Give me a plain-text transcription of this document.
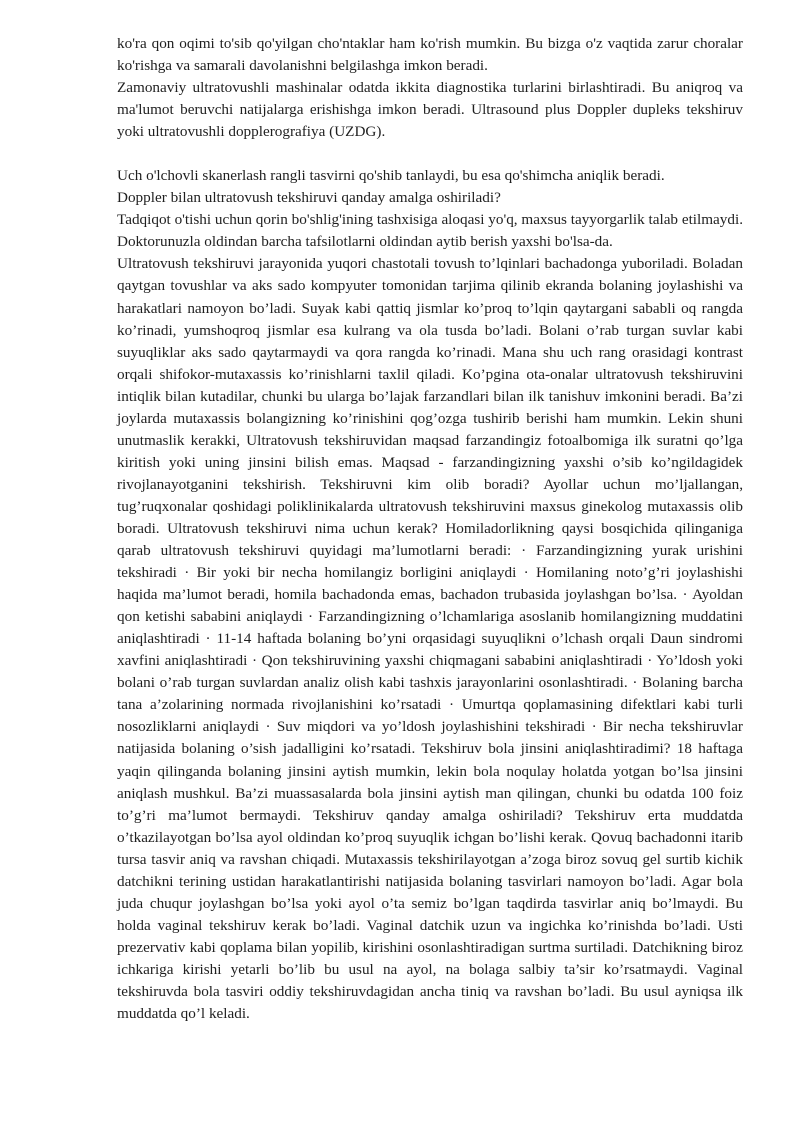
ko'ra qon oqimi to'sib qo'yilgan cho'ntaklar ham ko'rish mumkin. Bu bizga o'z vaqtida zarur choralar ko'rishga va samarali davolanishni belgilashga imkon beradi.

Zamonaviy ultratovushli mashinalar odatda ikkita diagnostika turlarini birlashtiradi. Bu aniqroq va ma'lumot beruvchi natijalarga erishishga imkon beradi. Ultrasound plus Doppler dupleks tekshiruv yoki ultratovushli dopplerografiya (UZDG).

Uch o'lchovli skanerlash rangli tasvirni qo'shib tanlaydi, bu esa qo'shimcha aniqlik beradi.

Doppler bilan ultratovush tekshiruvi qanday amalga oshiriladi?

Tadqiqot o'tishi uchun qorin bo'shlig'ining tashxisiga aloqasi yo'q, maxsus tayyorgarlik talab etilmaydi. Doktorunuzla oldindan barcha tafsilotlarni oldindan aytib berish yaxshi bo'lsa-da.

Ultratovush tekshiruvi jarayonida yuqori chastotali tovush to’lqinlari bachadonga yuboriladi. Boladan qaytgan tovushlar va aks sado kompyuter tomonidan tarjima qilinib ekranda bolaning joylashishi va harakatlari namoyon bo’ladi. Suyak kabi qattiq jismlar ko’proq to’lqin qaytargani sababli oq rangda ko’rinadi, yumshoqroq jismlar esa kulrang va ola tusda bo’ladi. Bolani o’rab turgan suvlar kabi suyuqliklar aks sado qaytarmaydi va qora rangda ko’rinadi. Mana shu uch rang orasidagi kontrast orqali shifokor-mutaxassis ko’rinishlarni taxlil qiladi. Ko’pgina ota-onalar ultratovush tekshiruvini intiqlik bilan kutadilar, chunki bu ularga bo’lajak farzandlari bilan ilk tanishuv imkonini beradi. Ba’zi joylarda mutaxassis bolangizning ko’rinishini qog’ozga tushirib berishi ham mumkin. Lekin shuni unutmaslik kerakki, Ultratovush tekshiruvidan maqsad farzandingiz fotoalbomiga ilk suratni qo’lga kiritish yoki uning jinsini bilish emas. Maqsad - farzandingizning yaxshi o’sib ko’ngildagidek rivojlanayotganini tekshirish. Tekshiruvni kim olib boradi? Ayollar uchun mo’ljallangan, tug’ruqxonalar qoshidagi poliklinikalarda ultratovush tekshiruvini maxsus ginekolog mutaxassis olib boradi. Ultratovush tekshiruvi nima uchun kerak? Homiladorlikning qaysi bosqichida qilinganiga qarab ultratovush tekshiruvi quyidagi ma’lumotlarni beradi: · Farzandingizning yurak urishini tekshiradi · Bir yoki bir necha homilangiz borligini aniqlaydi · Homilaning noto’g’ri joylashishi haqida ma’lumot beradi, homila bachadonda emas, bachadon trubasida joylashgan bo’lsa. · Ayoldan qon ketishi sababini aniqlaydi · Farzandingizning o’lchamlariga asoslanib homilangizning muddatini aniqlashtiradi · 11-14 haftada bolaning bo’yni orqasidagi suyuqlikni o’lchash orqali Daun sindromi xavfini aniqlashtiradi · Qon tekshiruvining yaxshi chiqmagani sababini aniqlashtiradi · Yo’ldosh yoki bolani o’rab turgan suvlardan analiz olish kabi tashxis jarayonlarini osonlashtiradi. · Bolaning barcha tana a’zolarining normada rivojlanishini ko’rsatadi · Umurtqa qoplamasining difektlari kabi turli nosozliklarni aniqlaydi · Suv miqdori va yo’ldosh joylashishini tekshiradi · Bir necha tekshiruvlar natijasida bolaning o’sish jadalligini ko’rsatadi. Tekshiruv bola jinsini aniqlashtiradimi? 18 haftaga yaqin qilinganda bolaning jinsini aytish mumkin, lekin bola noqulay holatda yotgan bo’lsa jinsini aniqlash mushkul. Ba’zi muassasalarda bola jinsini aytish man qilingan, chunki bu odatda 100 foiz to’g’ri ma’lumot bermaydi. Tekshiruv qanday amalga oshiriladi? Tekshiruv erta muddatda o’tkazilayotgan bo’lsa ayol oldindan ko’proq suyuqlik ichgan bo’lishi kerak. Qovuq bachadonni itarib tursa tasvir aniq va ravshan chiqadi. Mutaxassis tekshirilayotgan a’zoga biroz sovuq gel surtib kichik datchikni terining ustidan harakatlantirishi natijasida bolaning tasvirlari namoyon bo’ladi. Agar bola juda chuqur joylashgan bo’lsa yoki ayol o’ta semiz bo’lgan taqdirda tasvirlar aniq bo’lmaydi. Bu holda vaginal tekshiruv kerak bo’ladi. Vaginal datchik uzun va ingichka ko’rinishda bo’ladi. Usti prezervativ kabi qoplama bilan yopilib, kirishini osonlashtiradigan surtma surtiladi. Datchikning biroz ichkariga kirishi yetarli bo’lib bu usul na ayol, na bolaga salbiy ta’sir ko’rsatmaydi. Vaginal tekshiruvda bola tasviri oddiy tekshiruvdagidan ancha tiniq va ravshan bo’ladi. Bu usul ayniqsa ilk muddatda qo’l keladi.
